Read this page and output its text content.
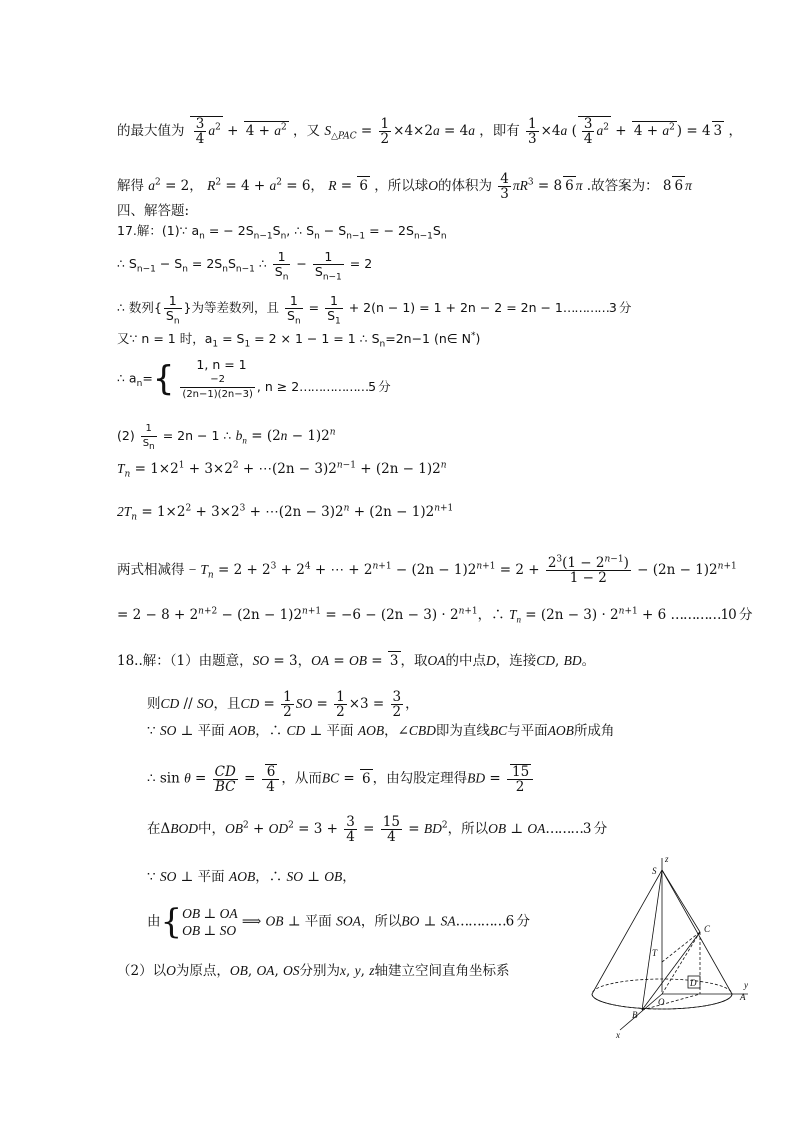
的最大值为 $\frac{3}{4} a^2 + 4 + a^2$ ，又 $S_{\triangle PAC} = \frac{1}{2} \times 4\times 2a = 4a$ ，即有 $\frac{1}{3} \times 4a$ ( $\frac{3}{4} a^2 + 4 + a^2$ ) = 4 3 ，
解得 $a^2 = 2$， $R^2 = 4 + a^2 = 6$， R = 6 ，所以球O的体积为 $\frac{4}{3} \pi R^3 = 8$ 6 π .故答案为： 8 6 π
四、解答题:
17.解：(1)∵ $a_n$ = − $2S_{n-1}S_n$, ∴ $S_n - S_{n-1}$ = − $2S_{n-1}S_n$
∴ $S_{n-1} - S_n = 2S_nS_{n-1}$ ∴ $\frac{1}{S_n} - \frac{1}{S_{n-1}} = 2$
∴ 数列{ $\frac{1}{S_n}$ }为等差数列，且 $\frac{1}{S_n} = \frac{1}{S_1} + 2(n - 1) = 1 + 2n - 2 = 2n$ − 1…………3 分
又∵ n = 1 时，$a_1 = S_1 = 2 \times 1 - 1 = 1$ ∴ $S_n=2n-1$ (n∈ N*)
∴ $a_n=${	1, n = 1
$\frac{-2}{(2n-1)(2n-3)}$ , n ≥ 2………………5 分
$(2) \frac{1}{S_n} = 2n - 1$ ∴ $b_n = (2n - 1)2^n$
$T_n = 1\times 2^1 + 3\times 2^2$ + ⋯(2n − $3)2^{n-1} + (2n - 1)2^n$
$2T_n = 1\times 2^2 + 3\times 2^3$ + ⋯(2n − $3)2^n + (2n - 1)2^{n+1}$
两式相减得 − $T_n = 2 + 2^3 + 2^4$ + ⋯ + $2^{n+1} - (2n - 1)2^{n+1} = 2 + \frac{2^3(1 - 2^{n-1})}{1 - 2} - (2n - 1)2^{n+1}$
= $2 - 8 + 2^{n+2} - (2n - 1)2^{n+1} = -6 - (2n - 3) \cdot 2^{n+1}$，∴ $T_n = (2n - 3) \cdot 2^{n+1} + 6$ …………10 分
18..解：（1）由题意，SO = 3，OA = OB = 3 ，取OA的中点D，连接CD, BD。
则CD // SO，且CD = $\frac{1}{2}$ SO = $\frac{1}{2} \times 3 = \frac{3}{2}$ ，
∵ SO ⊥ 平面 AOB，∴ CD ⊥ 平面 AOB，∠CBD即为直线BC与平面AOB所成角
∴ $\sin \theta = \frac{CD}{BC} = \frac{6}{4}$ ，从而BC = 6 ，由勾股定理得BD = $\frac{15}{2}$
在ΔBOD中，$OB^2 + OD^2 = 3 + \frac{3}{4} = \frac{15}{4} = BD^2$，所以OB ⊥ OA………3 分
∵ SO ⊥ 平面 AOB，∴ SO ⊥ OB，
由{ OB ⊥ OA
OB ⊥ SO
⟹ OB ⊥ 平面 SOA，所以BO ⊥ SA…………6 分
（2）以O为原点，OB, OA, OS分别为x, y, z轴建立空间直角坐标系
z
S
C
T
D	y
A
O
B
x
